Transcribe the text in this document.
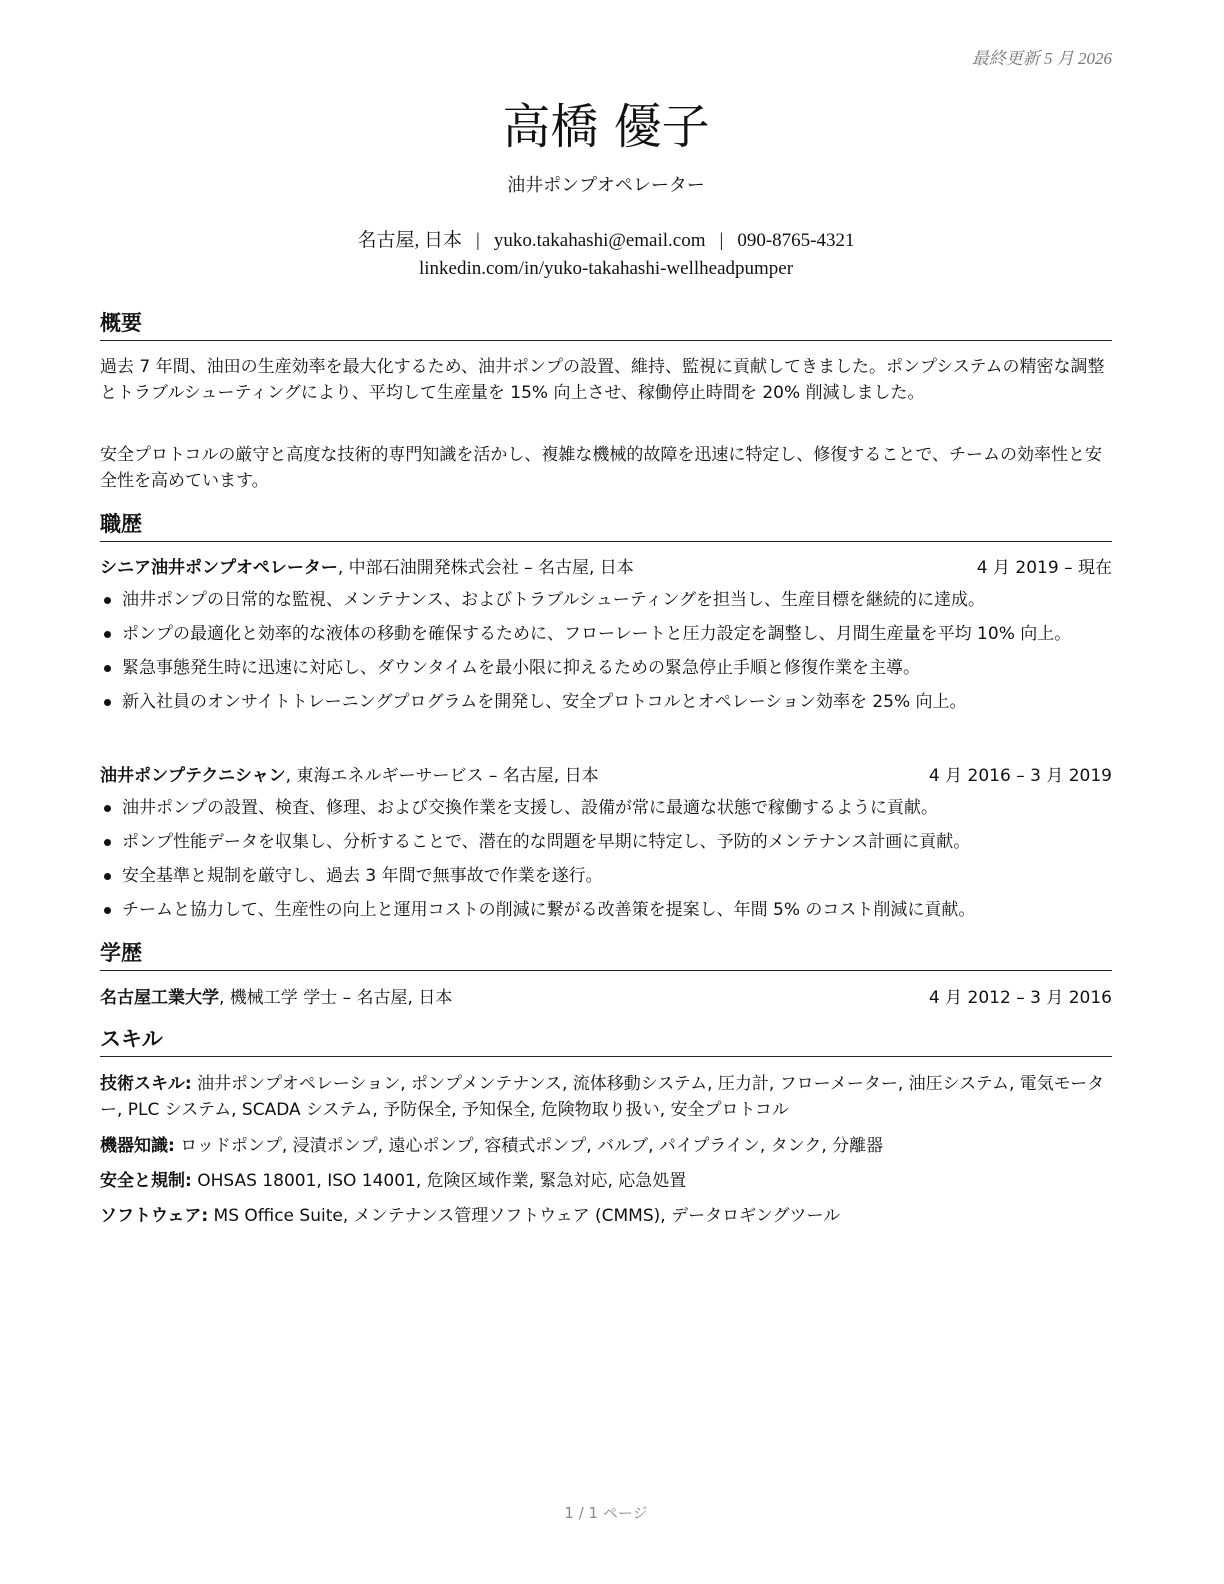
最終更新 5 月 2026
高橋 優子
油井ポンプオペレーター
名古屋, 日本 | yuko.takahashi@email.com | 090-8765-4321
linkedin.com/in/yuko-takahashi-wellheadpumper
概要
過去 7 年間、油田の生産効率を最大化するため、油井ポンプの設置、維持、監視に貢献してきました。ポンプシステムの精密な調整とトラブルシューティングにより、平均して生産量を 15% 向上させ、稼働停止時間を 20% 削減しました。
安全プロトコルの厳守と高度な技術的専門知識を活かし、複雑な機械的故障を迅速に特定し、修復することで、チームの効率性と安全性を高めています。
職歴
シニア油井ポンプオペレーター, 中部石油開発株式会社 – 名古屋, 日本	4 月 2019 – 現在
油井ポンプの日常的な監視、メンテナンス、およびトラブルシューティングを担当し、生産目標を継続的に達成。
ポンプの最適化と効率的な液体の移動を確保するために、フローレートと圧力設定を調整し、月間生産量を平均 10% 向上。
緊急事態発生時に迅速に対応し、ダウンタイムを最小限に抑えるための緊急停止手順と修復作業を主導。
新入社員のオンサイトトレーニングプログラムを開発し、安全プロトコルとオペレーション効率を 25% 向上。
油井ポンプテクニシャン, 東海エネルギーサービス – 名古屋, 日本	4 月 2016 – 3 月 2019
油井ポンプの設置、検査、修理、および交換作業を支援し、設備が常に最適な状態で稼働するように貢献。
ポンプ性能データを収集し、分析することで、潜在的な問題を早期に特定し、予防的メンテナンス計画に貢献。
安全基準と規制を厳守し、過去 3 年間で無事故で作業を遂行。
チームと協力して、生産性の向上と運用コストの削減に繋がる改善策を提案し、年間 5% のコスト削減に貢献。
学歴
名古屋工業大学, 機械工学 学士 – 名古屋, 日本	4 月 2012 – 3 月 2016
スキル
技術スキル: 油井ポンプオペレーション, ポンプメンテナンス, 流体移動システム, 圧力計, フローメーター, 油圧システム, 電気モーター, PLC システム, SCADA システム, 予防保全, 予知保全, 危険物取り扱い, 安全プロトコル
機器知識: ロッドポンプ, 浸漬ポンプ, 遠心ポンプ, 容積式ポンプ, バルブ, パイプライン, タンク, 分離器
安全と規制: OHSAS 18001, ISO 14001, 危険区域作業, 緊急対応, 応急処置
ソフトウェア: MS Office Suite, メンテナンス管理ソフトウェア (CMMS), データロギングツール
1 / 1 ページ
